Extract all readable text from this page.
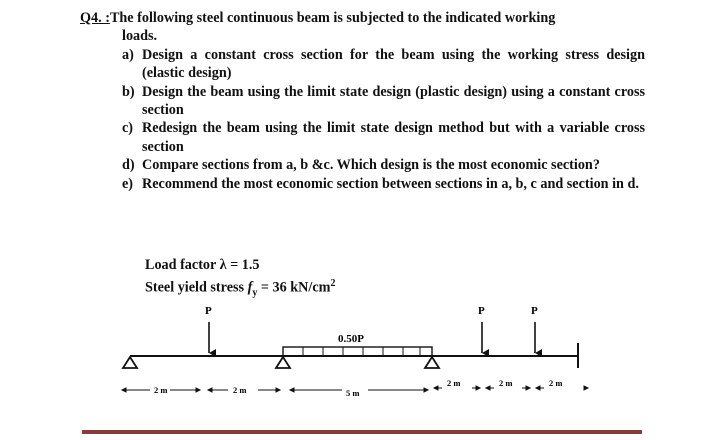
Q4. :The following steel continuous beam is subjected to the indicated working
loads.
a) Design a constant cross section for the beam using the working stress design (elastic design)
b) Design the beam using the limit state design (plastic design) using a constant cross section
c) Redesign the beam using the limit state design method but with a variable cross section
d) Compare sections from a, b &c. Which design is the most economic section?
e) Recommend the most economic section between sections in a, b, c and section in d.
Load factor λ = 1.5
Steel yield stress $f_y = 36$ $kN/cm^2$
P
0.50P
P	P
2 m	2 m	5 m
2 m	2 m	2 m
